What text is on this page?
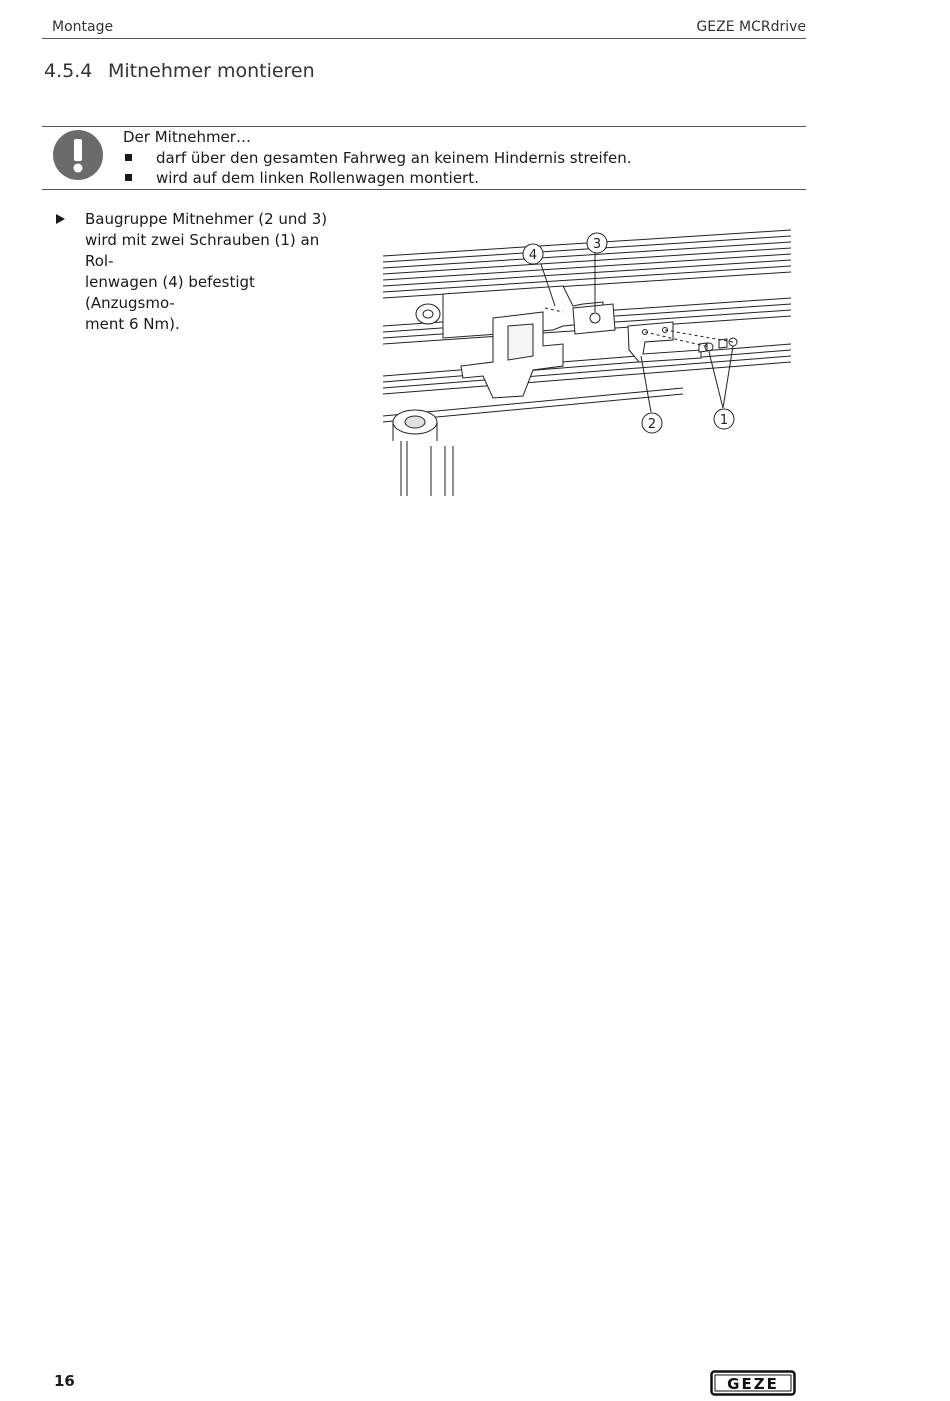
Montage	GEZE MCRdrive
4.5.4 Mitnehmer montieren
Der Mitnehmer…
darf über den gesamten Fahrweg an keinem Hindernis streifen.
wird auf dem linken Rollenwagen montiert.
Baugruppe Mitnehmer (2 und 3)
wird mit zwei Schrauben (1) an Rol-
lenwagen (4) befestigt (Anzugsmo-
ment 6 Nm).
4
3
2	1
16	GEZE
